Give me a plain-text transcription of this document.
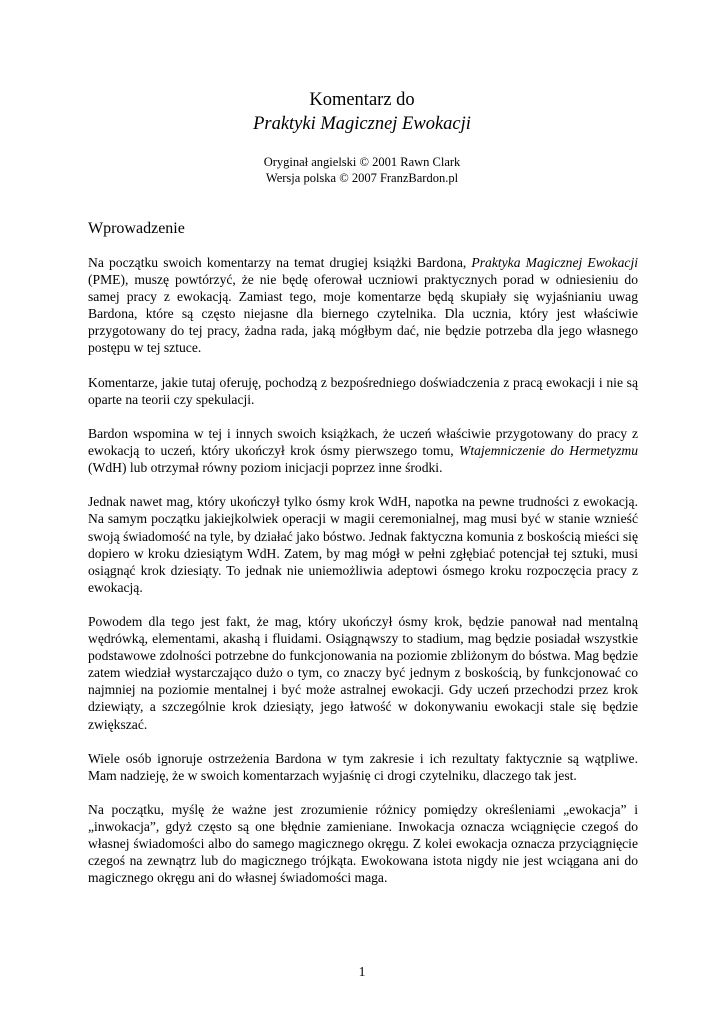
Komentarz do
Praktyki Magicznej Ewokacji
Oryginał angielski © 2001 Rawn Clark
Wersja polska © 2007 FranzBardon.pl
Wprowadzenie

Na początku swoich komentarzy na temat drugiej książki Bardona, Praktyka Magicznej Ewokacji (PME), muszę powtórzyć, że nie będę oferował uczniowi praktycznych porad w odniesieniu do samej pracy z ewokacją. Zamiast tego, moje komentarze będą skupiały się wyjaśnianiu uwag Bardona, które są często niejasne dla biernego czytelnika. Dla ucznia, który jest właściwie przygotowany do tej pracy, żadna rada, jaką mógłbym dać, nie będzie potrzeba dla jego własnego postępu w tej sztuce.

Komentarze, jakie tutaj oferuję, pochodzą z bezpośredniego doświadczenia z pracą ewokacji i nie są oparte na teorii czy spekulacji.

Bardon wspomina w tej i innych swoich książkach, że uczeń właściwie przygotowany do pracy z ewokacją to uczeń, który ukończył krok ósmy pierwszego tomu, Wtajemniczenie do Hermetyzmu (WdH) lub otrzymał równy poziom inicjacji poprzez inne środki.

Jednak nawet mag, który ukończył tylko ósmy krok WdH, napotka na pewne trudności z ewokacją. Na samym początku jakiejkolwiek operacji w magii ceremonialnej, mag musi być w stanie wznieść swoją świadomość na tyle, by działać jako bóstwo. Jednak faktyczna komunia z boskością mieści się dopiero w kroku dziesiątym WdH. Zatem, by mag mógł w pełni zgłębiać potencjał tej sztuki, musi osiągnąć krok dziesiąty. To jednak nie uniemożliwia adeptowi ósmego kroku rozpoczęcia pracy z ewokacją.

Powodem dla tego jest fakt, że mag, który ukończył ósmy krok, będzie panował nad mentalną wędrówką, elementami, akashą i fluidami. Osiągnąwszy to stadium, mag będzie posiadał wszystkie podstawowe zdolności potrzebne do funkcjonowania na poziomie zbliżonym do bóstwa. Mag będzie zatem wiedział wystarczająco dużo o tym, co znaczy być jednym z boskością, by funkcjonować co najmniej na poziomie mentalnej i być może astralnej ewokacji. Gdy uczeń przechodzi przez krok dziewiąty, a szczególnie krok dziesiąty, jego łatwość w dokonywaniu ewokacji stale się będzie zwiększać.

Wiele osób ignoruje ostrzeżenia Bardona w tym zakresie i ich rezultaty faktycznie są wątpliwe. Mam nadzieję, że w swoich komentarzach wyjaśnię ci drogi czytelniku, dlaczego tak jest.

Na początku, myślę że ważne jest zrozumienie różnicy pomiędzy określeniami „ewokacja” i „inwokacja”, gdyż często są one błędnie zamieniane. Inwokacja oznacza wciągnięcie czegoś do własnej świadomości albo do samego magicznego okręgu. Z kolei ewokacja oznacza przyciągnięcie czegoś na zewnątrz lub do magicznego trójkąta. Ewokowana istota nigdy nie jest wciągana ani do magicznego okręgu ani do własnej świadomości maga.

1
